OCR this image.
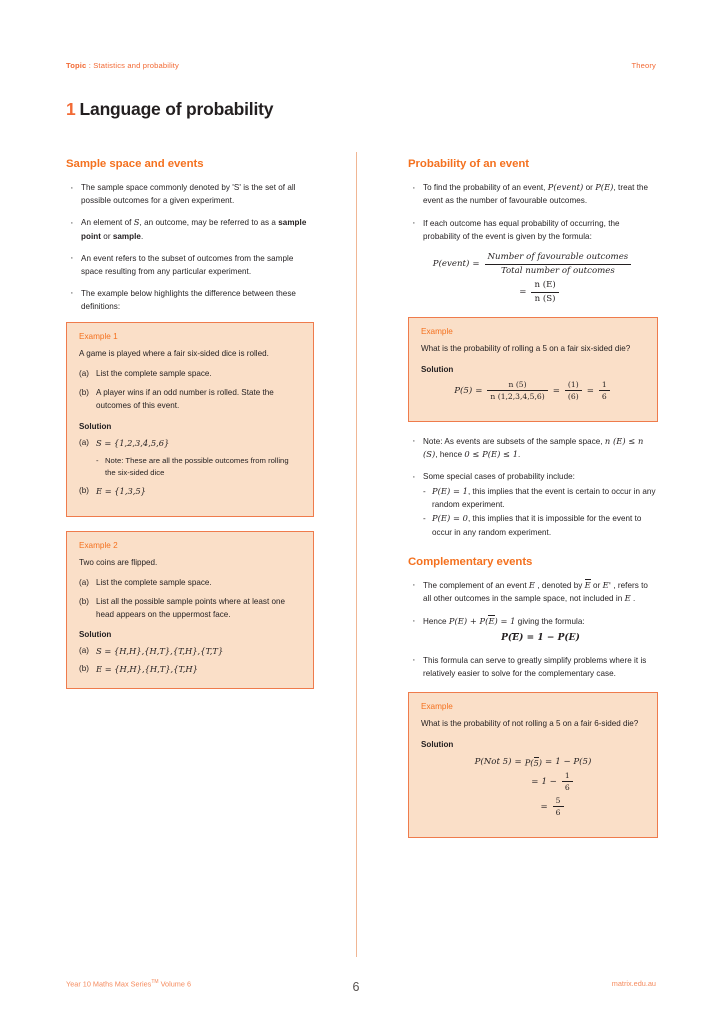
Topic : Statistics and probability	Theory
1 Language of probability
Sample space and events
· The sample space commonly denoted by 'S' is the set of all possible outcomes for a given experiment.
· An element of S, an outcome, may be referred to as a sample point or sample.
· An event refers to the subset of outcomes from the sample space resulting from any particular experiment.
· The example below highlights the difference between these definitions:
Example 1

A game is played where a fair six-sided dice is rolled.

(a) List the complete sample space.
(b) A player wins if an odd number is rolled. State the outcomes of this event.
Solution
(a) S = {1,2,3,4,5,6}
- Note: These are all the possible outcomes from rolling the six-sided dice
(b) E = {1,3,5}
Example 2

Two coins are flipped.

(a) List the complete sample space.
(b) List all the possible sample points where at least one head appears on the uppermost face.
Solution
(a) S = {H,H},{H,T},{T,H},{T,T}
(b) E = {H,H},{H,T},{T,H}
Probability of an event
· To find the probability of an event, P(event) or P(E), treat the event as the number of favourable outcomes.
· If each outcome has equal probability of occurring, the probability of the event is given by the formula:
P(event) = $\frac{\text{Number of favourable outcomes}}{\text{Total number of outcomes}}$
= $\frac{n (E)}{n (S)}$
Example

What is the probability of rolling a 5 on a fair six-sided die?

Solution
$P(5) = \frac{n (5)}{n (1,2,3,4,5,6)} = \frac{(1)}{(6)} = \frac{1}{6}$
· Note: As events are subsets of the sample space, n (E) ≤ n (S), hence 0 ≤ P(E) ≤ 1.
· Some special cases of probability include:
- P(E) = 1, this implies that the event is certain to occur in any random experiment.
- P(E) = 0, this implies that it is impossible for the event to occur in any random experiment.
Complementary events
· The complement of an event E , denoted by E or E' , refers to all other outcomes in the sample space, not included in E .
· Hence P(E) + P(E) = 1 giving the formula:
P(E) = 1 − P(E)
· This formula can serve to greatly simplify problems where it is relatively easier to solve for the complementary case.
Example

What is the probability of not rolling a 5 on a fair 6-sided die?

Solution
P(Not 5) = P(5) = 1 − P(5)
= $1 - \frac{1}{6}$
= $\frac{5}{6}$
Year 10 Maths Max Series™ Volume 6	matrix.edu.au
6
